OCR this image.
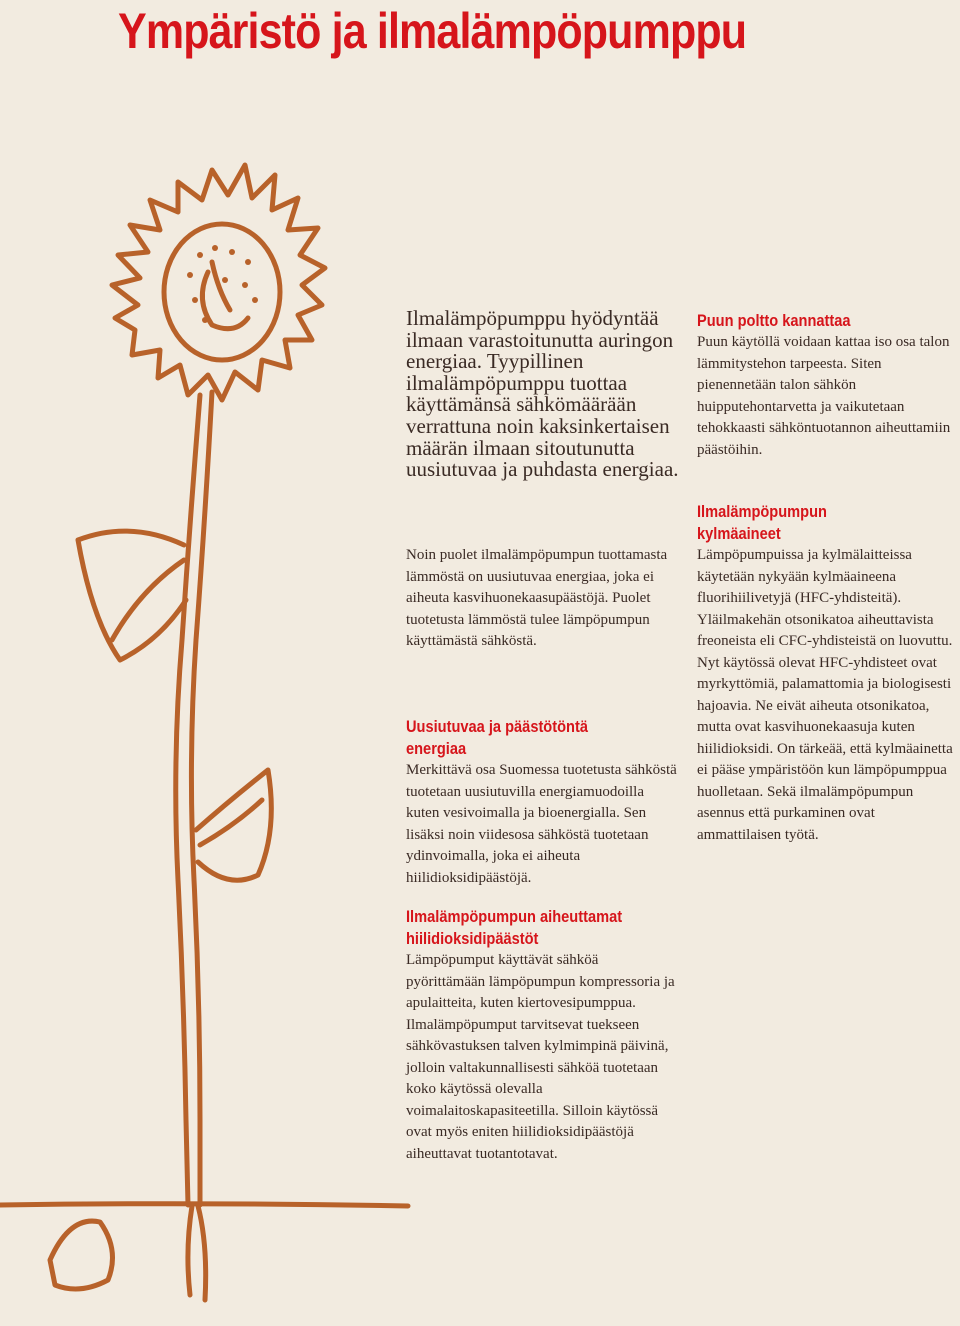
Ympäristö ja ilmalämpöpumppu

Ilmalämpöpumppu hyödyntää ilmaan varastoitunutta auringon energiaa. Tyypillinen ilmalämpöpumppu tuottaa käyttämänsä sähkömäärään verrattuna noin kaksinkertaisen määrän ilmaan sitoutunutta uusiutuvaa ja puhdasta energiaa.

Noin puolet ilmalämpöpumpun tuottamasta lämmöstä on uusiutuvaa energiaa, joka ei aiheuta kasvihuonekaasupäästöjä. Puolet tuotetusta lämmöstä tulee lämpöpumpun käyttämästä sähköstä.

Uusiutuvaa ja päästötöntä energiaa

Merkittävä osa Suomessa tuotetusta sähköstä tuotetaan uusiutuvilla energiamuodoilla kuten vesivoimalla ja bioenergialla. Sen lisäksi noin viidesosa sähköstä tuotetaan ydinvoimalla, joka ei aiheuta hiilidioksidipäästöjä.

Puun poltto kannattaa

Puun käytöllä voidaan kattaa iso osa talon lämmitystehon tarpeesta. Siten pienennetään talon sähkön huipputehontarvetta ja vaikutetaan tehokkaasti sähköntuotannon aiheuttamiin päästöihin.

Ilmalämpöpumpun
kylmäaineet

Lämpöpumpuissa ja kylmälaitteissa käytetään nykyään kylmäaineena fluorihiilivetyjä (HFC-yhdisteitä). Yläilmakehän otsonikatoa aiheuttavista freoneista eli CFC-yhdisteistä on luovuttu. Nyt käytössä olevat HFC-yhdisteet ovat myrkyttömiä, palamattomia ja biologisesti hajoavia. Ne eivät aiheuta otsonikatoa, mutta ovat kasvihuonekaasuja kuten hiilidioksidi. On tärkeää, että kylmäainetta ei pääse ympäristöön kun lämpöpumppua huolletaan. Sekä ilmalämpöpumpun asennus että purkaminen ovat ammattilaisen työtä.

Ilmalämpöpumpun aiheuttamat
hiilidioksidipäästöt

Lämpöpumput käyttävät sähköä pyörittämään lämpöpumpun kompressoria ja apulaitteita, kuten kiertovesipumppua. Ilmalämpöpumput tarvitsevat tuekseen sähkövastuksen talven kylmimpinä päivinä, jolloin valtakunnallisesti sähköä tuotetaan koko käytössä olevalla voimalaitoskapasiteetilla. Silloin käytössä ovat myös eniten hiilidioksidipäästöjä aiheuttavat tuotantotavat.
